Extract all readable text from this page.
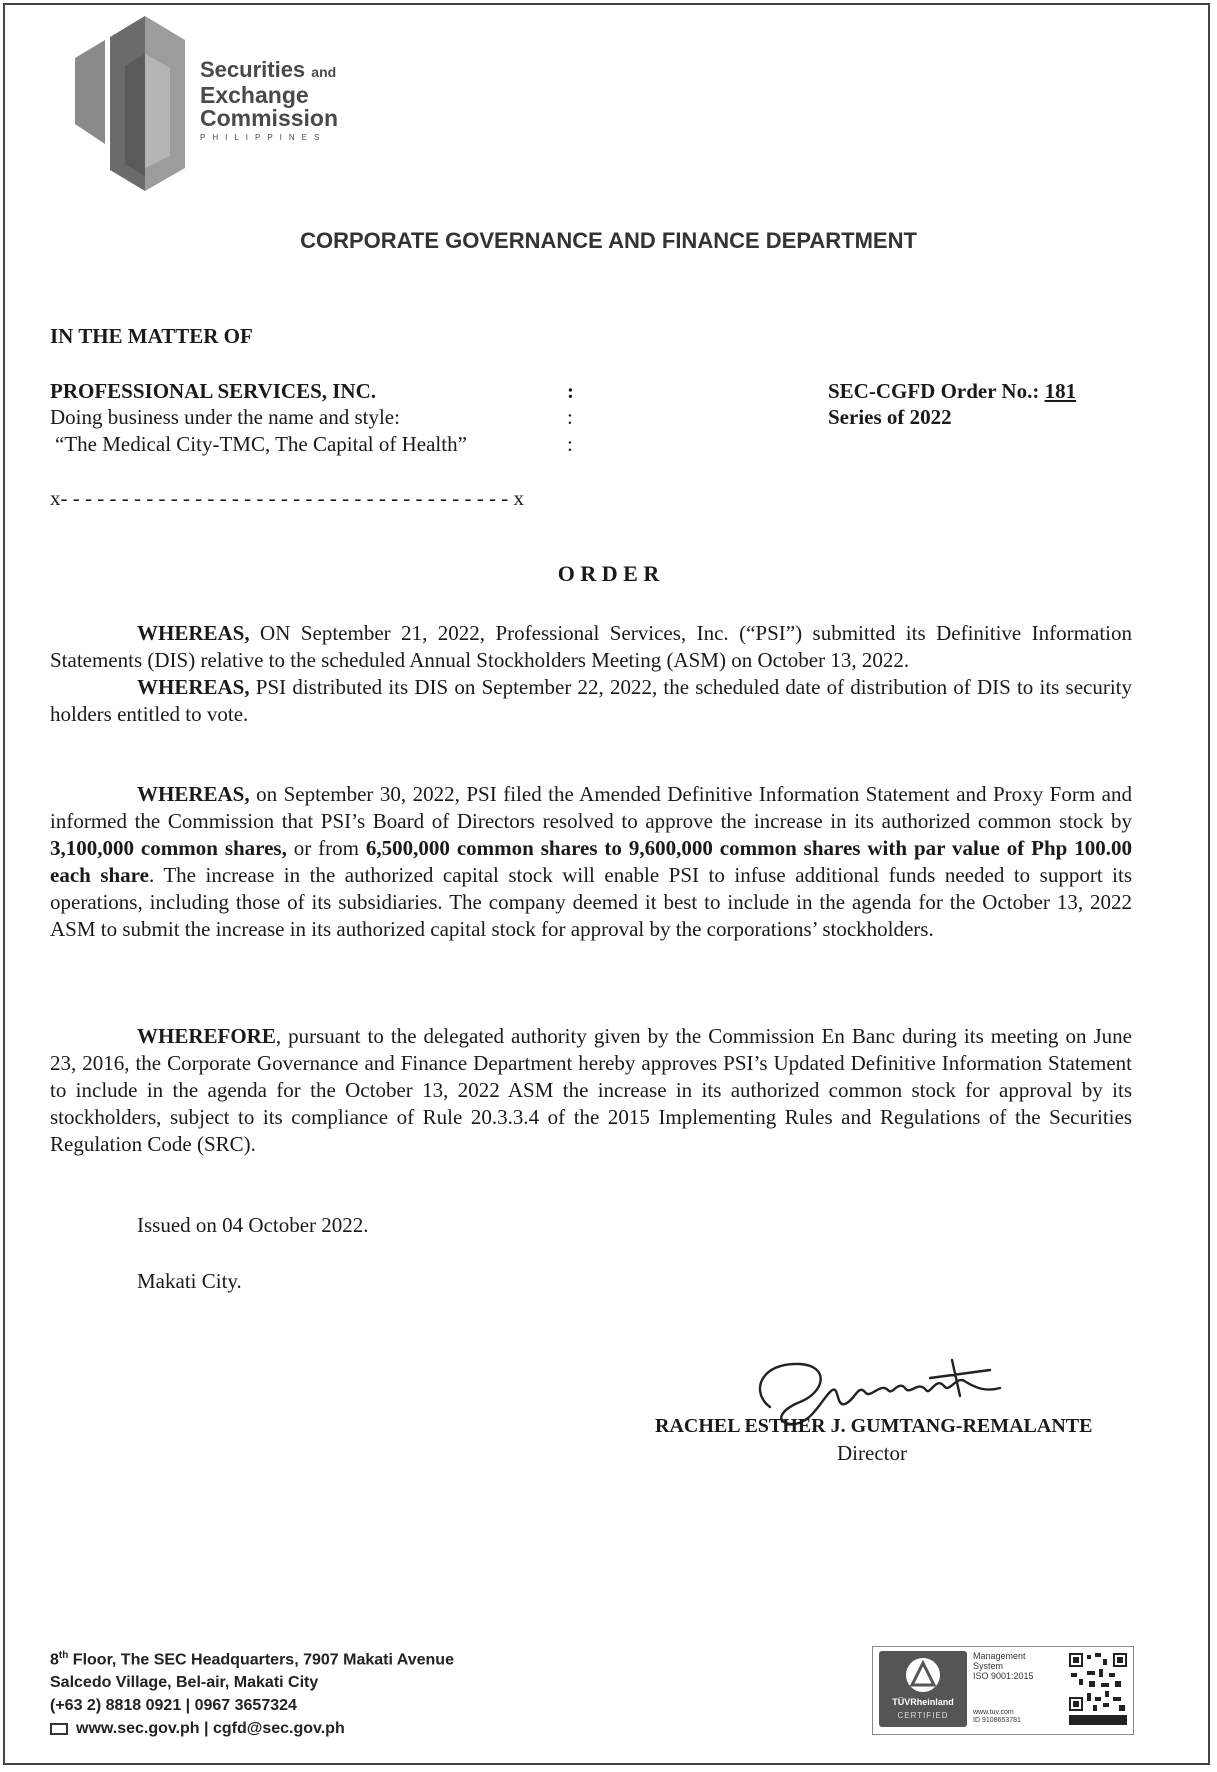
Securities and
Exchange
Commission
PHILIPPINES
CORPORATE GOVERNANCE AND FINANCE DEPARTMENT
IN THE MATTER OF
PROFESSIONAL SERVICES, INC.
Doing business under the name and style:
“The Medical City-TMC, The Capital of Health”
:
:
:
SEC-CGFD Order No.: 181
Series of 2022
x- - - - - - - - - - - - - - - - - - - - - - - - - - - - - - - - - - - - - x
O R D E R

WHEREAS, ON September 21, 2022, Professional Services, Inc. (“PSI”) submitted its Definitive Information Statements (DIS) relative to the scheduled Annual Stockholders Meeting (ASM) on October 13, 2022.

WHEREAS, PSI distributed its DIS on September 22, 2022, the scheduled date of distribution of DIS to its security holders entitled to vote.

WHEREAS, on September 30, 2022, PSI filed the Amended Definitive Information Statement and Proxy Form and informed the Commission that PSI’s Board of Directors resolved to approve the increase in its authorized common stock by 3,100,000 common shares, or from 6,500,000 common shares to 9,600,000 common shares with par value of Php 100.00 each share. The increase in the authorized capital stock will enable PSI to infuse additional funds needed to support its operations, including those of its subsidiaries. The company deemed it best to include in the agenda for the October 13, 2022 ASM to submit the increase in its authorized capital stock for approval by the corporations’ stockholders.

WHEREFORE, pursuant to the delegated authority given by the Commission En Banc during its meeting on June 23, 2016, the Corporate Governance and Finance Department hereby approves PSI’s Updated Definitive Information Statement to include in the agenda for the October 13, 2022 ASM the increase in its authorized common stock for approval by its stockholders, subject to its compliance of Rule 20.3.3.4 of the 2015 Implementing Rules and Regulations of the Securities Regulation Code (SRC).

Issued on 04 October 2022.
Makati City.
RACHEL ESTHER J. GUMTANG-REMALANTE
Director
8th Floor, The SEC Headquarters, 7907 Makati Avenue
Salcedo Village, Bel-air, Makati City
(+63 2) 8818 0921 | 0967 3657324
www.sec.gov.ph | cgfd@sec.gov.ph
TÜVRheinland
CERTIFIED
Management
System
ISO 9001:2015
www.tuv.com
ID 9108653781
